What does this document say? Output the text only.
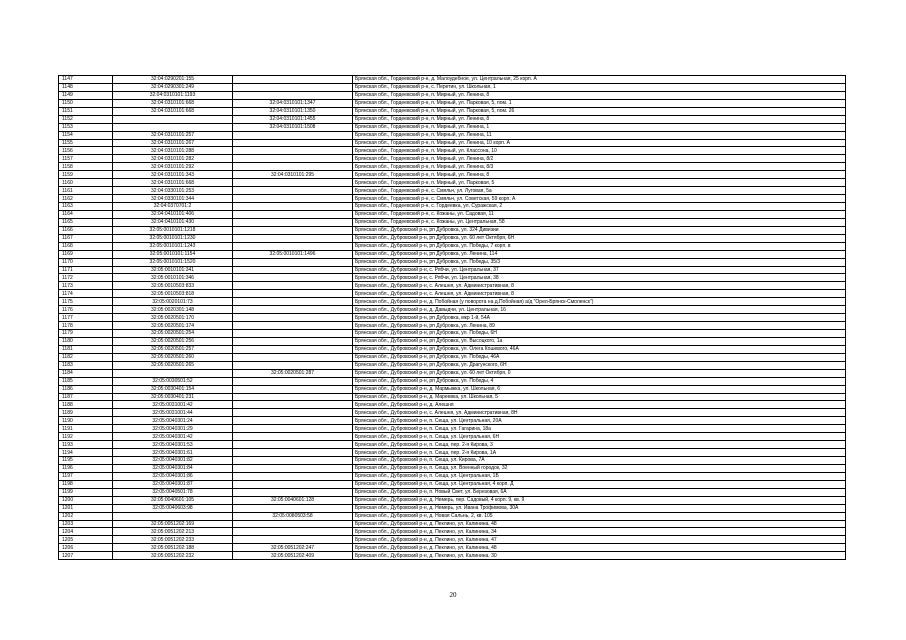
1147	32:04:0290201:155		Брянская обл., Гордеевский р-н, д. Малоудебное, ул. Центральная, 25 корп. А
1148	32:04:0290301:249		Брянская обл., Гордеевский р-н, с. Перетин, ул. Школьная, 1
1149	32:04:0310101:1193		Брянская обл., Гордеевский р-н, п. Мирный, ул. Ленина, 8
1150	32:04:0310101:668	32:04:0310101:1347	Брянская обл., Гордеевский р-н, п. Мирный, ул. Парковая, 5, пом. 1
1151	32:04:0310101:668	32:04:0310101:1350	Брянская обл., Гордеевский р-н, п. Мирный, ул. Парковая, 5, пом. 26
1152		32:04:0310101:1455	Брянская обл., Гордеевский р-н, п. Мирный, ул. Ленина, 8
1153		32:04:0310101:1508	Брянская обл., Гордеевский р-н, п. Мирный, ул. Ленина, 1
1154	32:04:0310101:257		Брянская обл., Гордеевский р-н, п. Мирный, ул. Ленина, 11
1155	32:04:0310101:267		Брянская обл., Гордеевский р-н, п. Мирный, ул. Ленина, 10 корп. А
1156	32:04:0310101:288		Брянская обл., Гордеевский р-н, п. Мирный, ул. Классона, 10
1157	32:04:0310101:282		Брянская обл., Гордеевский р-н, п. Мирный, ул. Ленина, 8/2
1158	32:04:0310101:292		Брянская обл., Гордеевский р-н, п. Мирный, ул. Ленина, 8/3
1159	32:04:0310101:343	32:04:0310101:295	Брянская обл., Гордеевский р-н, п. Мирный, ул. Ленина, 8
1160	32:04:0310101:668		Брянская обл., Гордеевский р-н, п. Мирный, ул. Парковая, 5
1161	32:04:0330101:253		Брянская обл., Гордеевский р-н, с. Смяльч, ул. Луговая, 5а
1162	32:04:0330101:344		Брянская обл., Гордеевский р-н, с. Смяльч, ул. Советская, 59 корп. А
1163	32:04:0370701:2		Брянская обл., Гордеевский р-н, с. Гордеевка, ул. Суражская, 2
1164	32:04:0410101:406		Брянская обл., Гордеевский р-н, с. Кожаны, ул. Садовая, 11
1165	32:04:0410101:430		Брянская обл., Гордеевский р-н, с. Кожаны, ул. Центральная, 58
1166	32:05:0010101:1218		Брянская обл., Дубровский р-н, рп Дубровка, ул. 324 Дивизии
1167	32:05:0010101:1230		Брянская обл., Дубровский р-н, рп Дубровка, ул. 60 лет Октября, 6Н
1168	32:05:0010101:1243		Брянская обл., Дубровский р-н, рп Дубровка, ул. Победы, 7 корп. в
1169	32:05:0010101:1154	32:05:0010101:1496	Брянская обл., Дубровский р-н, рп Дубровка, ул. Ленина, 114
1170	32:05:0010101:1520		Брянская обл., Дубровский р-н, рп Дубровка, ул. Победы, 35/3
1171	32:05:0010101:341		Брянская обл., Дубровский р-н, с. Рябчи, ул. Центральная, 37
1172	32:05:0010101:346		Брянская обл., Дубровский р-н, с. Рябчи, ул. Центральная, 38
1173	32:05:0010503:833		Брянская обл., Дубровский р-н, с. Алешня, ул. Административная, 8
1174	32:05:0010503:818		Брянская обл., Дубровский р-н, с. Алешня, ул. Административная, 8
1175	32:05:0020101:73		Брянская обл., Дубровский р-н, д. Побойная (у поворота на д.Побойная) а/д "Орел-Брянск-Смоленск")
1176	32:05:0020301:148		Брянская обл., Дубровский р-н, д. Давыдчи, ул. Центральная, 16
1177	32:05:0020501:170		Брянская обл., Дубровский р-н, рп Дубровка, мкр 1-й, 54А
1178	32:05:0020501:174		Брянская обл., Дубровский р-н, рп Дубровка, ул. Ленина, 89
1179	32:05:0020501:254		Брянская обл., Дубровский р-н, рп Дубровка, ул. Победы, 6Н
1180	32:05:0020501:256		Брянская обл., Дубровский р-н, рп Дубровка, ул. Высоцкого, 1а
1181	32:05:0020501:257		Брянская обл., Дубровский р-н, рп Дубровка, ул. Олега Кошевого, 46А
1182	32:05:0020501:260		Брянская обл., Дубровский р-н, рп Дубровка, ул. Победы, 46А
1183	32:05:0020501:265		Брянская обл., Дубровский р-н, рп Дубровка, ул. Драгунского, 6Н
1184		32:05:0020501:287	Брянская обл., Дубровский р-н, рп Дубровка, ул. 60 лет Октября, 0
1185	32:05:0030501:52		Брянская обл., Дубровский р-н, рп Дубровка, ул. Победы, 4
1186	32:05:0030401:154		Брянская обл., Дубровский р-н, д. Мармыжка, ул. Школьная, 6
1187	32:05:0030401:231		Брянская обл., Дубровский р-н, д. Мареевка, ул. Школьная, 5
1188	32:05:0031001:42		Брянская обл., Дубровский р-н, д. Алешня
1189	32:05:0031001:44		Брянская обл., Дубровский р-н, с. Алешня, ул. Административная, 8Н
1190	32:05:0040301:24		Брянская обл., Дубровский р-н, п. Сеща, ул. Центральная, 20А
1191	32:05:0040301:29		Брянская обл., Дубровский р-н, п. Сеща, ул. Гагарина, 18а
1192	32:05:0040301:42		Брянская обл., Дубровский р-н, п. Сеща, ул. Центральная, 6Н
1193	32:05:0040301:53		Брянская обл., Дубровский р-н, п. Сеща, пер. 2-я Кирова, 3
1194	32:05:0040301:61		Брянская обл., Дубровский р-н, п. Сеща, пер. 2-я Кирова, 1А
1195	32:05:0040301:82		Брянская обл., Дубровский р-н, п. Сеща, ул. Кирова, 7А
1196	32:05:0040301:84		Брянская обл., Дубровский р-н, п. Сеща, ул. Военный городок, 32
1197	32:05:0040301:86		Брянская обл., Дубровский р-н, п. Сеща, ул. Центральная, 1Б
1198	32:05:0040301:87		Брянская обл., Дубровский р-н, п. Сеща, ул. Центральная, 4 корп. Д
1199	32:05:0040501:78		Брянская обл., Дубровский р-н, п. Новый Свет, ул. Березовая, 6А
1200	32:05:0040601:105	32:05:0040601:128	Брянская обл., Дубровский р-н, д. Немерь, пер. Садовый, 4 корп. 9, кв. 9
1201	32:05:0040603:98		Брянская обл., Дубровский р-н, д. Немерь, ул. Ивана Трофимова, 30А
1202		32:05:0080503:58	Брянская обл., Дубровский р-н, д. Новая Сальнь, 2, кв. 105
1203	32:05:0051202:169		Брянская обл., Дубровский р-н, д. Пеклино, ул. Калинина, 48
1204	32:05:0051202:213		Брянская обл., Дубровский р-н, д. Пеклино, ул. Калинина, 34
1205	32:05:0051202:233		Брянская обл., Дубровский р-н, д. Пеклино, ул. Калинина, 47
1206	32:05:0051202:188	32:05:0051202:247	Брянская обл., Дубровский р-н, д. Пеклино, ул. Калинина, 48
1207	32:05:0051202:232	32:05:0051202:409	Брянская обл., Дубровский р-н, д. Пеклино, ул. Калинина, 30
20
